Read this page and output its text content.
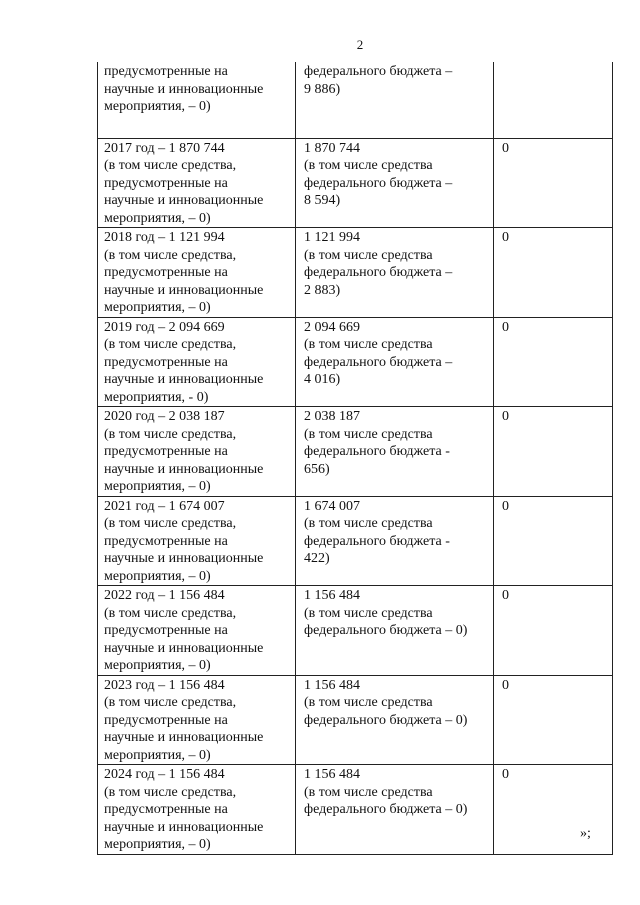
2
предусмотренные на
научные и инновационные
мероприятия, – 0)	федерального бюджета –
9 886)	

2017 год – 1 870 744
(в том числе средства,
предусмотренные на
научные и инновационные
мероприятия, – 0)	1 870 744
(в том числе средства
федерального бюджета –
8 594)	0

2018 год – 1 121 994
(в том числе средства,
предусмотренные на
научные и инновационные
мероприятия, – 0)	1 121 994
(в том числе средства
федерального бюджета –
2 883)	0

2019 год – 2 094 669
(в том числе средства,
предусмотренные на
научные и инновационные
мероприятия, - 0)	2 094 669
(в том числе средства
федерального бюджета –
4 016)	0

2020 год – 2 038 187
(в том числе средства,
предусмотренные на
научные и инновационные
мероприятия, – 0)	2 038 187
(в том числе средства
федерального бюджета -
656)	0

2021 год – 1 674 007
(в том числе средства,
предусмотренные на
научные и инновационные
мероприятия, – 0)	1 674 007
(в том числе средства
федерального бюджета -
422)	0

2022 год – 1 156 484
(в том числе средства,
предусмотренные на
научные и инновационные
мероприятия, – 0)	1 156 484
(в том числе средства
федерального бюджета – 0)	0

2023 год – 1 156 484
(в том числе средства,
предусмотренные на
научные и инновационные
мероприятия, – 0)	1 156 484
(в том числе средства
федерального бюджета – 0)	0

2024 год – 1 156 484
(в том числе средства,
предусмотренные на
научные и инновационные
мероприятия, – 0)	1 156 484
(в том числе средства
федерального бюджета – 0)	0
»;
